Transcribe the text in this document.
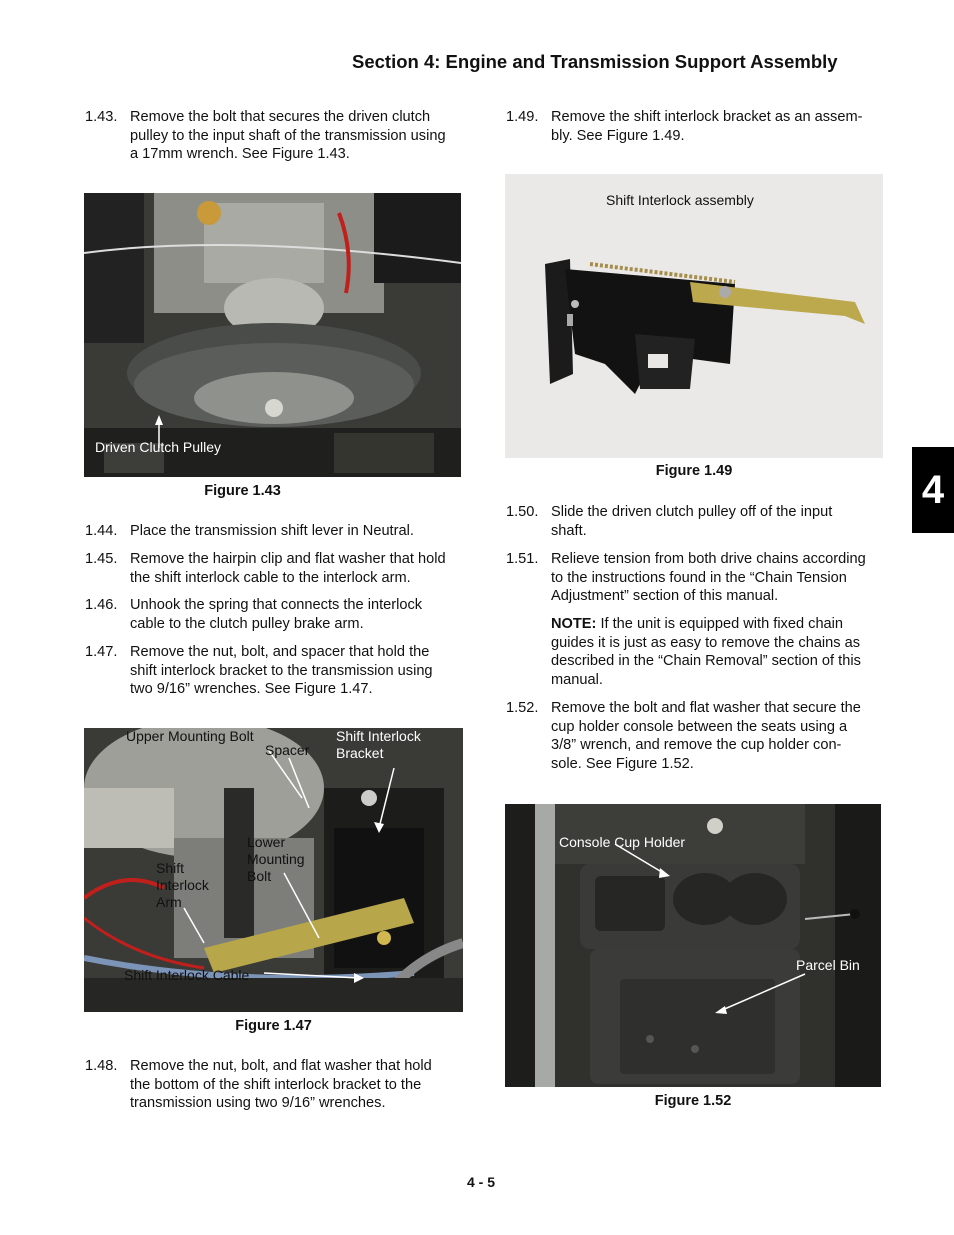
Section 4: Engine and Transmission Support Assembly
1.43. Remove the bolt that secures the driven clutch
pulley to the input shaft of the transmission using
a 17mm wrench. See Figure 1.43.
Driven Clutch Pulley
Figure 1.43
1.44. Place the transmission shift lever in Neutral.
1.45. Remove the hairpin clip and flat washer that hold
the shift interlock cable to the interlock arm.
1.46. Unhook the spring that connects the interlock
cable to the clutch pulley brake arm.
1.47. Remove the nut, bolt, and spacer that hold the
shift interlock bracket to the transmission using
two 9/16” wrenches. See Figure 1.47.
Upper Mounting Bolt
Spacer
Shift Interlock
Bracket
Lower
Mounting
Bolt
Shift
Interlock
Arm
Shift Interlock Cable
Figure 1.47
1.48. Remove the nut, bolt, and flat washer that hold
the bottom of the shift interlock bracket to the
transmission using two 9/16” wrenches.
1.49. Remove the shift interlock bracket as an assem-
bly. See Figure 1.49.
Shift Interlock assembly
Figure 1.49
1.50. Slide the driven clutch pulley off of the input
shaft.
1.51. Relieve tension from both drive chains according
to the instructions found in the “Chain Tension
Adjustment” section of this manual.
NOTE: If the unit is equipped with fixed chain
guides it is just as easy to remove the chains as
described in the “Chain Removal” section of this
manual.
1.52. Remove the bolt and flat washer that secure the
cup holder console between the seats using a
3/8” wrench, and remove the cup holder con-
sole. See Figure 1.52.
Console Cup Holder
Parcel Bin
Figure 1.52
4
4 - 5
